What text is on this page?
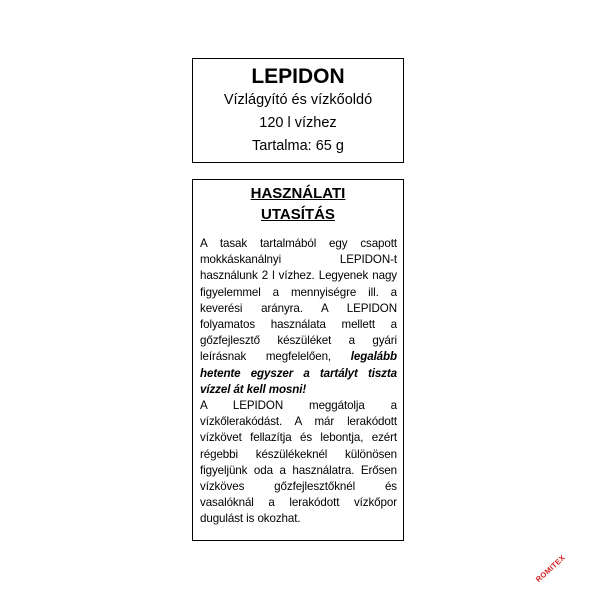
LEPIDON
Vízlágyító és vízkőoldó
120 l vízhez
Tartalma: 65 g
HASZNÁLATI
UTASÍTÁS

A tasak tartalmából egy csapott mokkáskanálnyi LEPIDON-t használunk 2 l vízhez. Legyenek nagy figyelemmel a mennyiségre ill. a keverési arányra. A LEPIDON folyamatos használata mellett a gőzfejlesztő készüléket a gyári leírásnak megfelelően, legalább hetente egyszer a tartályt tiszta vízzel át kell mosni!

A LEPIDON meggátolja a vízkőlerakódást. A már lerakódott vízkövet fellazítja és lebontja, ezért régebbi készülékeknél különösen figyeljünk oda a használatra. Erősen vízköves gőzfejlesztőknél és vasalóknál a lerakódott vízkőpor dugulást is okozhat.

ROMITEX
